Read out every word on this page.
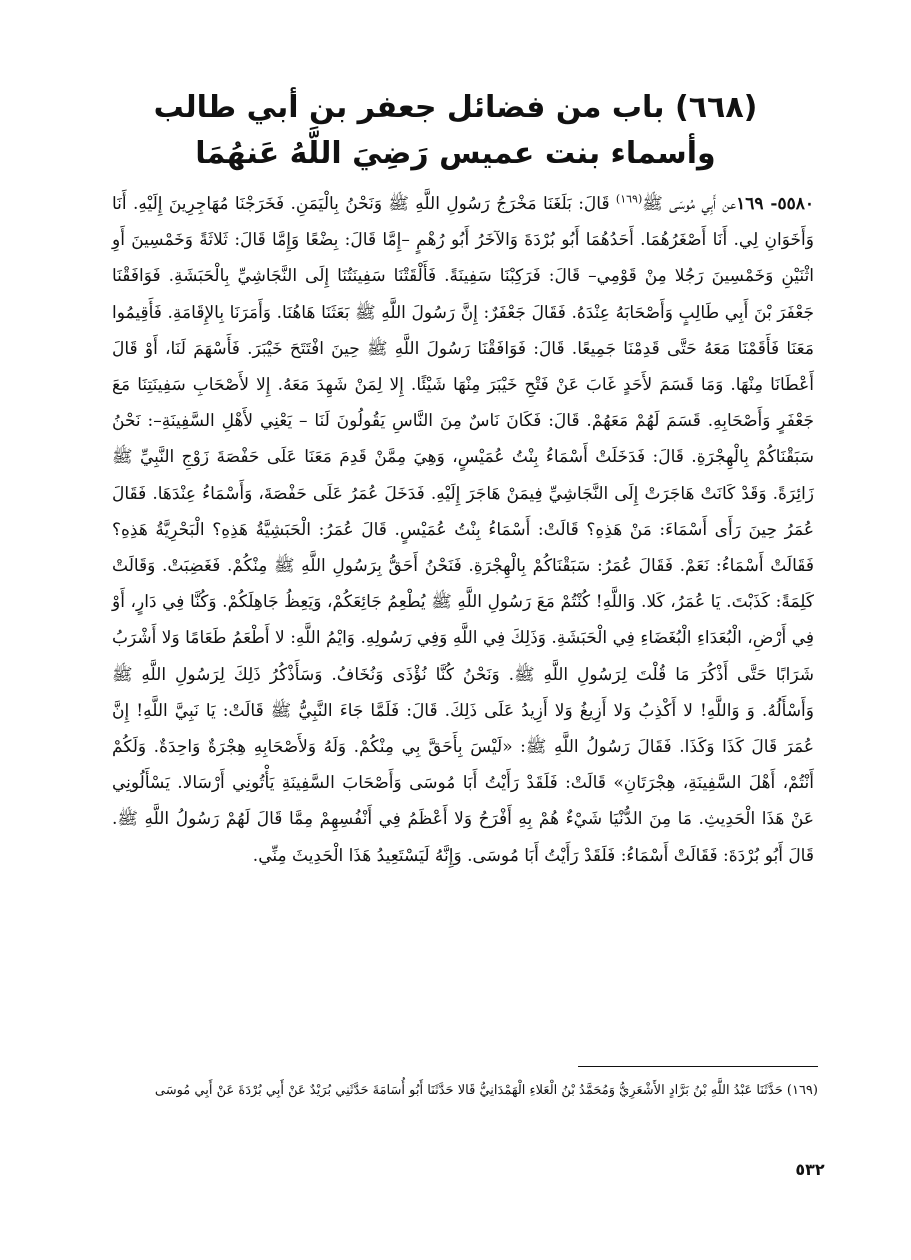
(٦٦٨) باب من فضائل جعفر بن أبي طالب
وأسماء بنت عميس رَضِيَ اللَّهُ عَنهُمَا
٥٥٨٠- ١٦٩عن أَبِي مُوسَى ﷺ$^{(١٦٩)}$ قَالَ: بَلَغَنَا مَخْرَجُ رَسُولِ اللَّهِ ﷺ وَنَحْنُ بِالْيَمَنِ. فَخَرَجْنَا مُهَاجِرِينَ إِلَيْهِ. أَنَا وَأَخَوَانِ لِي. أَنَا أَصْغَرُهُمَا. أَحَدُهُمَا أَبُو بُرْدَةَ وَالآخَرُ أَبُو رُهْمٍ –إِمَّا قَالَ: بِضْعًا وَإِمَّا قَالَ: ثَلاثَةً وَخَمْسِينَ أَوِ اثْنَيْنِ وَخَمْسِينَ رَجُلا مِنْ قَوْمِي– قَالَ: فَرَكِبْنَا سَفِينَةً. فَأَلْقَتْنَا سَفِينَتُنَا إِلَى النَّجَاشِيِّ بِالْحَبَشَةِ. فَوَافَقْنَا جَعْفَرَ بْنَ أَبِي طَالِبٍ وَأَصْحَابَهُ عِنْدَهُ. فَقَالَ جَعْفَرٌ: إِنَّ رَسُولَ اللَّهِ ﷺ بَعَثَنَا هَاهُنَا. وَأَمَرَنَا بِالإِقَامَةِ. فَأَقِيمُوا مَعَنَا فَأَقَمْنَا مَعَهُ حَتَّى قَدِمْنَا جَمِيعًا. قَالَ: فَوَافَقْنَا رَسُولَ اللَّهِ ﷺ حِينَ افْتَتَحَ خَيْبَرَ. فَأَسْهَمَ لَنَا، أَوْ قَالَ أَعْطَانَا مِنْهَا. وَمَا قَسَمَ لأَحَدٍ غَابَ عَنْ فَتْحِ خَيْبَرَ مِنْهَا شَيْئًا. إِلا لِمَنْ شَهِدَ مَعَهُ. إِلا لأَصْحَابِ سَفِينَتِنَا مَعَ جَعْفَرٍ وَأَصْحَابِهِ. قَسَمَ لَهُمْ مَعَهُمْ. قَالَ: فَكَانَ نَاسٌ مِنَ النَّاسِ يَقُولُونَ لَنَا – يَعْنِي لأَهْلِ السَّفِينَةِ–: نَحْنُ سَبَقْنَاكُمْ بِالْهِجْرَةِ. قَالَ: فَدَخَلَتْ أَسْمَاءُ بِنْتُ عُمَيْسٍ، وَهِيَ مِمَّنْ قَدِمَ مَعَنَا عَلَى حَفْصَةَ زَوْجِ النَّبِيِّ ﷺ زَائِرَةً. وَقَدْ كَانَتْ هَاجَرَتْ إِلَى النَّجَاشِيِّ فِيمَنْ هَاجَرَ إِلَيْهِ. فَدَخَلَ عُمَرُ عَلَى حَفْصَةَ، وَأَسْمَاءُ عِنْدَهَا. فَقَالَ عُمَرُ حِينَ رَأَى أَسْمَاءَ: مَنْ هَذِهِ؟ قَالَتْ: أَسْمَاءُ بِنْتُ عُمَيْسٍ. قَالَ عُمَرُ: الْحَبَشِيَّةُ هَذِهِ؟ الْبَحْرِيَّةُ هَذِهِ؟ فَقَالَتْ أَسْمَاءُ: نَعَمْ. فَقَالَ عُمَرُ: سَبَقْنَاكُمْ بِالْهِجْرَةِ. فَنَحْنُ أَحَقُّ بِرَسُولِ اللَّهِ ﷺ مِنْكُمْ. فَغَضِبَتْ. وَقَالَتْ كَلِمَةً: كَذَبْتَ. يَا عُمَرُ، كَلا. وَاللَّهِ! كُنْتُمْ مَعَ رَسُولِ اللَّهِ ﷺ يُطْعِمُ جَائِعَكُمْ، وَيَعِظُ جَاهِلَكُمْ. وَكُنَّا فِي دَارٍ، أَوْ فِي أَرْضِ، الْبُعَدَاءِ الْبُغَضَاءِ فِي الْحَبَشَةِ. وَذَلِكَ فِي اللَّهِ وَفِي رَسُولِهِ. وَايْمُ اللَّهِ: لا أَطْعَمُ طَعَامًا وَلا أَشْرَبُ شَرَابًا حَتَّى أَذْكُرَ مَا قُلْتَ لِرَسُولِ اللَّهِ ﷺ. وَنَحْنُ كُنَّا نُؤْذَى وَنُخَافُ. وَسَأَذْكُرُ ذَلِكَ لِرَسُولِ اللَّهِ ﷺ وَأَسْأَلُهُ. وَ وَاللَّهِ! لا أَكْذِبُ وَلا أَزِيغُ وَلا أَزِيدُ عَلَى ذَلِكَ. قَالَ: فَلَمَّا جَاءَ النَّبِيُّ ﷺ قَالَتْ: يَا نَبِيَّ اللَّهِ! إِنَّ عُمَرَ قَالَ كَذَا وَكَذَا. فَقَالَ رَسُولُ اللَّهِ ﷺ: «لَيْسَ بِأَحَقَّ بِي مِنْكُمْ. وَلَهُ وَلأَصْحَابِهِ هِجْرَةٌ وَاحِدَةٌ. وَلَكُمْ أَنْتُمْ، أَهْلَ السَّفِينَةِ، هِجْرَتَانِ» قَالَتْ: فَلَقَدْ رَأَيْتُ أَبَا مُوسَى وَأَصْحَابَ السَّفِينَةِ يَأْتُونِي أَرْسَالا. يَسْأَلُونِي عَنْ هَذَا الْحَدِيثِ. مَا مِنَ الدُّنْيَا شَيْءٌ هُمْ بِهِ أَفْرَحُ وَلا أَعْظَمُ فِي أَنْفُسِهِمْ مِمَّا قَالَ لَهُمْ رَسُولُ اللَّهِ ﷺ. قَالَ أَبُو بُرْدَةَ: فَقَالَتْ أَسْمَاءُ: فَلَقَدْ رَأَيْتُ أَبَا مُوسَى. وَإِنَّهُ لَيَسْتَعِيدُ هَذَا الْحَدِيثَ مِنِّي.
(١٦٩) حَدَّثَنَا عَبْدُ اللَّهِ بْنُ بَرَّادٍ الأَشْعَرِيُّ وَمُحَمَّدُ بْنُ الْعَلاءِ الْهَمْدَانِيُّ قَالا حَدَّثَنَا أَبُو أُسَامَةَ حَدَّثَنِي بُرَيْدٌ عَنْ أَبِي بُرْدَةَ عَنْ أَبِي مُوسَى
٥٣٢
